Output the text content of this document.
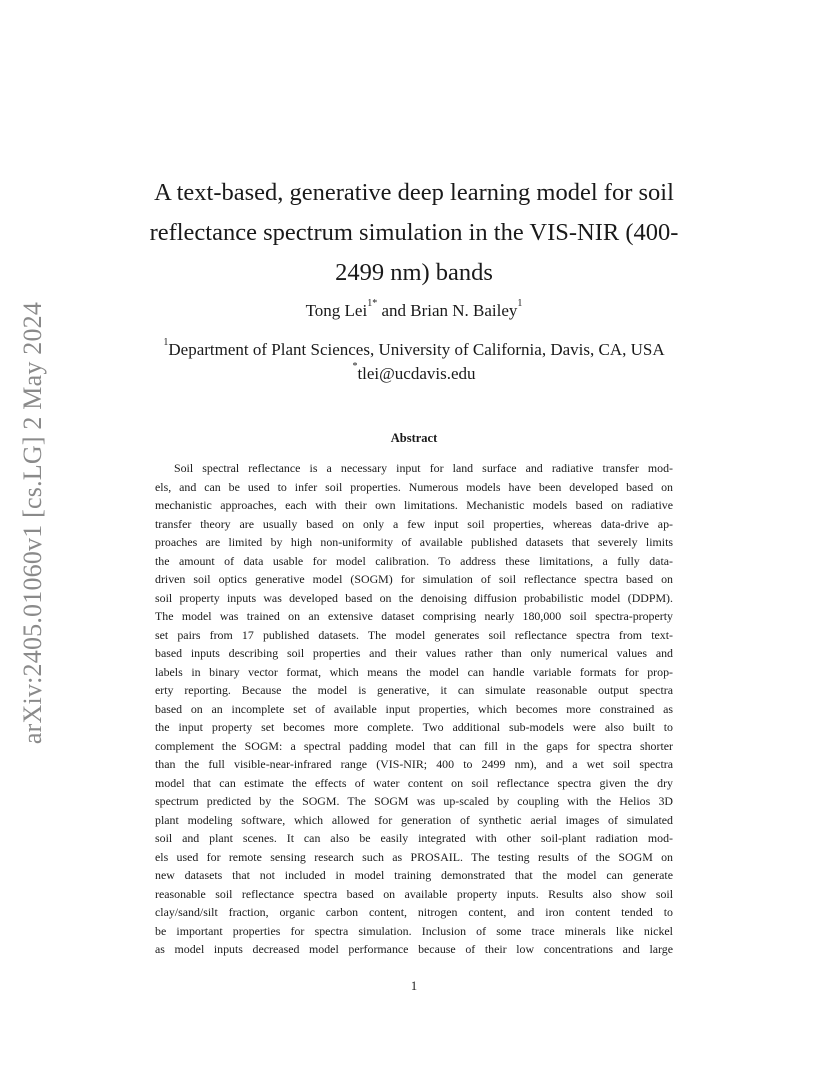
arXiv:2405.01060v1 [cs.LG] 2 May 2024
A text-based, generative deep learning model for soil reflectance spectrum simulation in the VIS-NIR (400-2499 nm) bands
Tong Lei$^{1*}$ and Brian N. Bailey$^1$
$^1$Department of Plant Sciences, University of California, Davis, CA, USA
*tlei@ucdavis.edu
Abstract
Soil spectral reflectance is a necessary input for land surface and radiative transfer mod-
els, and can be used to infer soil properties. Numerous models have been developed based on
mechanistic approaches, each with their own limitations. Mechanistic models based on radiative
transfer theory are usually based on only a few input soil properties, whereas data-drive ap-
proaches are limited by high non-uniformity of available published datasets that severely limits
the amount of data usable for model calibration. To address these limitations, a fully data-
driven soil optics generative model (SOGM) for simulation of soil reflectance spectra based on
soil property inputs was developed based on the denoising diffusion probabilistic model (DDPM).
The model was trained on an extensive dataset comprising nearly 180,000 soil spectra-property
set pairs from 17 published datasets. The model generates soil reflectance spectra from text-
based inputs describing soil properties and their values rather than only numerical values and
labels in binary vector format, which means the model can handle variable formats for prop-
erty reporting. Because the model is generative, it can simulate reasonable output spectra
based on an incomplete set of available input properties, which becomes more constrained as
the input property set becomes more complete. Two additional sub-models were also built to
complement the SOGM: a spectral padding model that can fill in the gaps for spectra shorter
than the full visible-near-infrared range (VIS-NIR; 400 to 2499 nm), and a wet soil spectra
model that can estimate the effects of water content on soil reflectance spectra given the dry
spectrum predicted by the SOGM. The SOGM was up-scaled by coupling with the Helios 3D
plant modeling software, which allowed for generation of synthetic aerial images of simulated
soil and plant scenes. It can also be easily integrated with other soil-plant radiation mod-
els used for remote sensing research such as PROSAIL. The testing results of the SOGM on
new datasets that not included in model training demonstrated that the model can generate
reasonable soil reflectance spectra based on available property inputs. Results also show soil
clay/sand/silt fraction, organic carbon content, nitrogen content, and iron content tended to
be important properties for spectra simulation. Inclusion of some trace minerals like nickel
as model inputs decreased model performance because of their low concentrations and large
1
